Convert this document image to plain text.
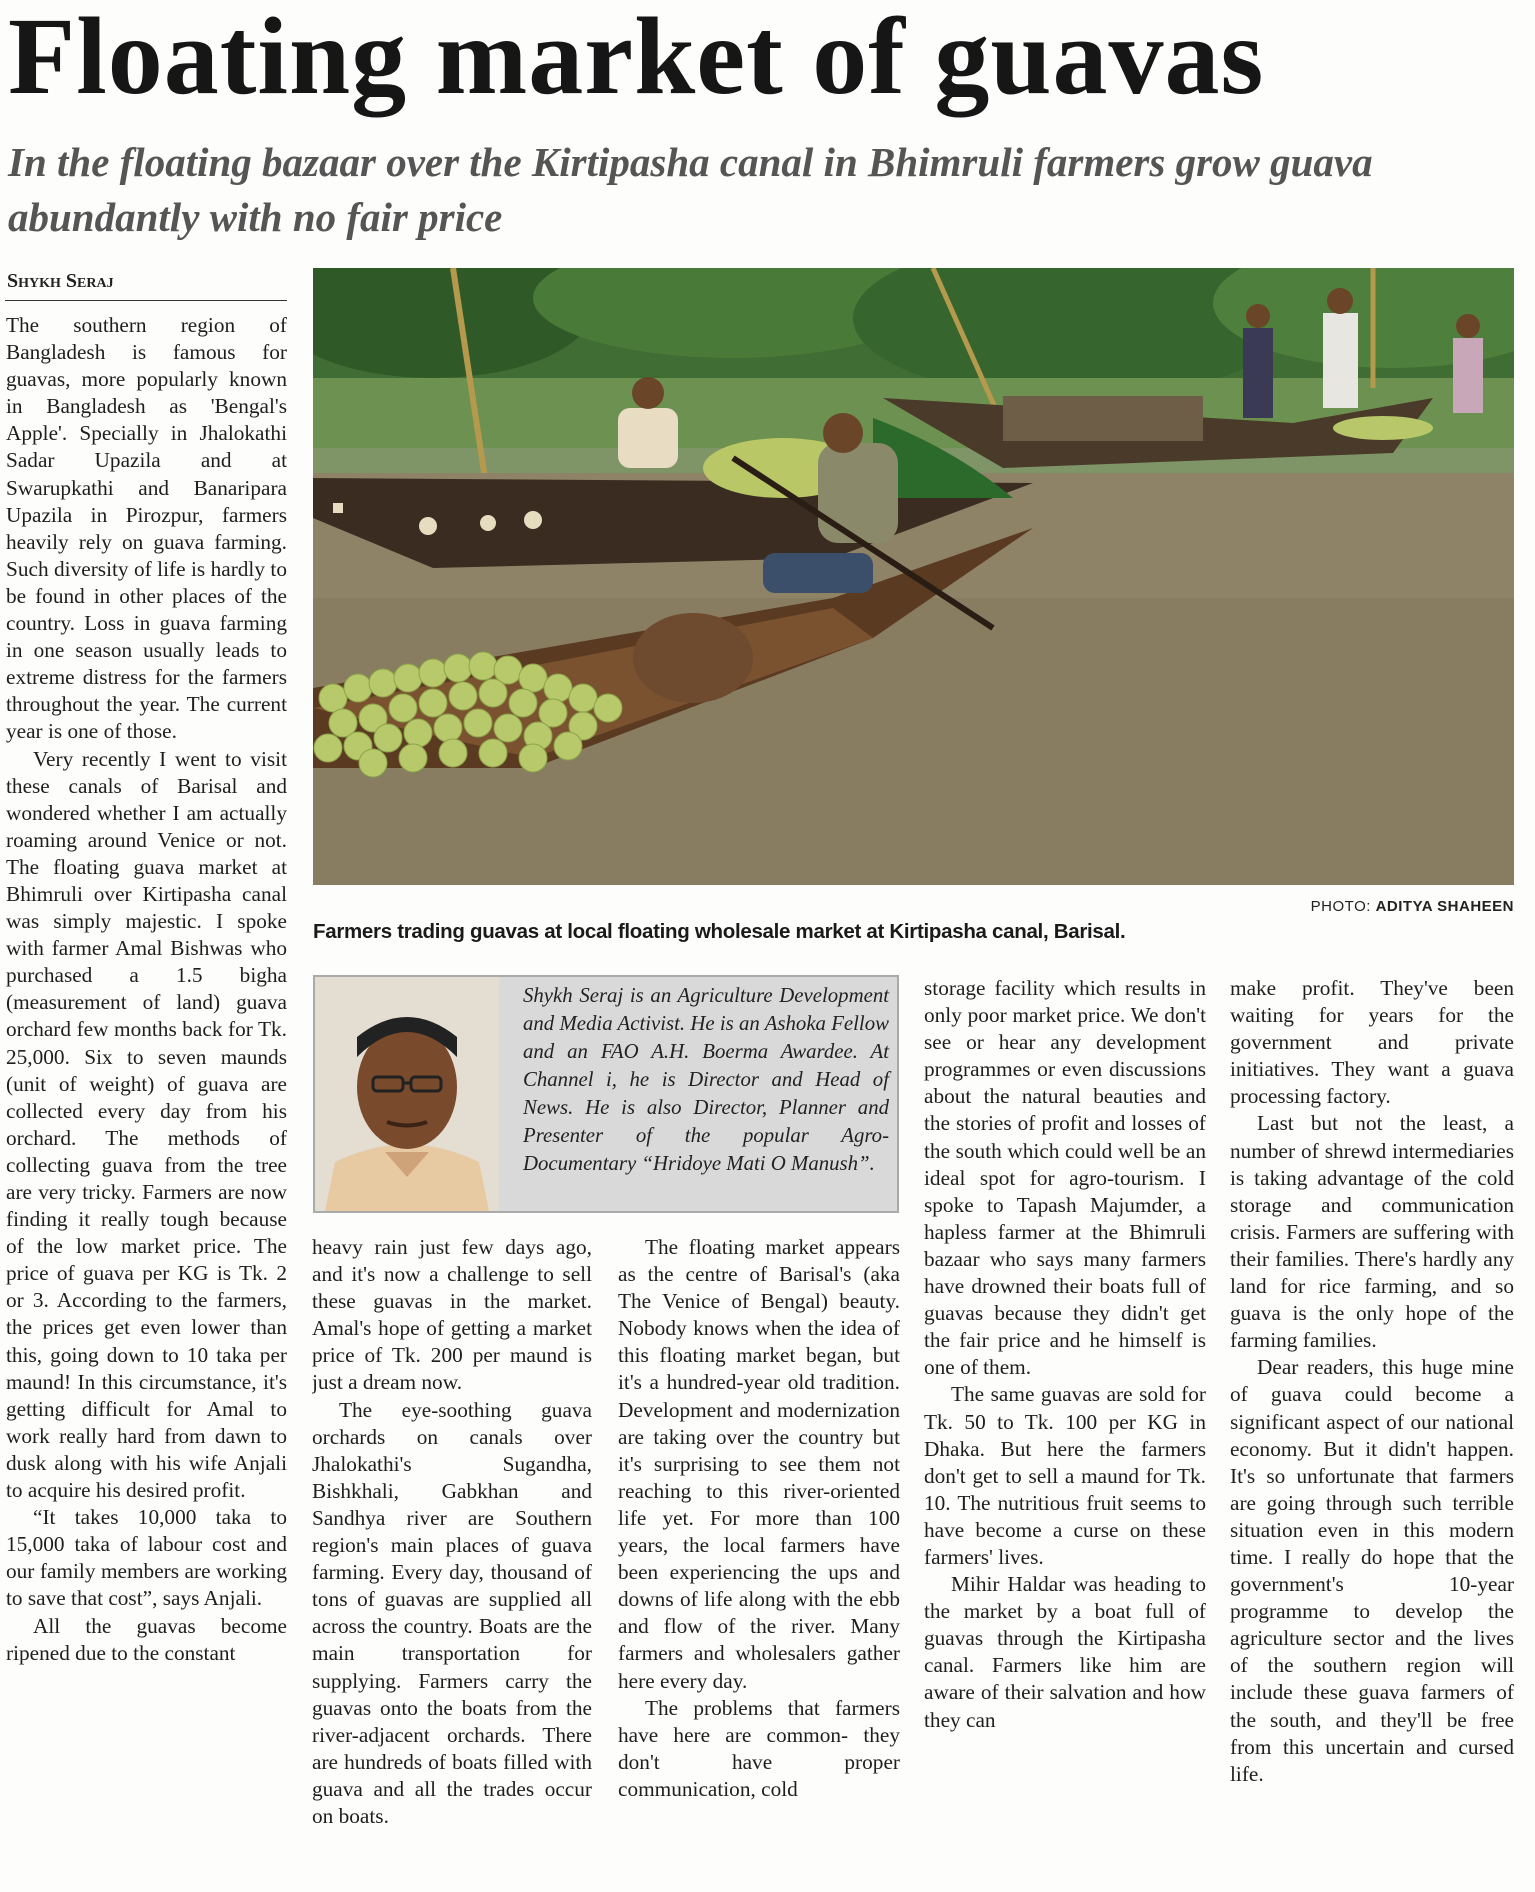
Floating market of guavas
In the floating bazaar over the Kirtipasha canal in Bhimruli farmers grow guava abundantly with no fair price
Shykh Seraj

The southern region of Bangladesh is famous for guavas, more popularly known in Bangladesh as 'Bengal's Apple'. Specially in Jhalokathi Sadar Upazila and at Swarupkathi and Banaripara Upazila in Pirozpur, farmers heavily rely on guava farming. Such diversity of life is hardly to be found in other places of the country. Loss in guava farming in one season usually leads to extreme distress for the farmers throughout the year. The current year is one of those.

Very recently I went to visit these canals of Barisal and wondered whether I am actually roaming around Venice or not. The floating guava market at Bhimruli over Kirtipasha canal was simply majestic. I spoke with farmer Amal Bishwas who purchased a 1.5 bigha (measurement of land) guava orchard few months back for Tk. 25,000. Six to seven maunds (unit of weight) of guava are collected every day from his orchard. The methods of collecting guava from the tree are very tricky. Farmers are now finding it really tough because of the low market price. The price of guava per KG is Tk. 2 or 3. According to the farmers, the prices get even lower than this, going down to 10 taka per maund! In this circumstance, it's getting difficult for Amal to work really hard from dawn to dusk along with his wife Anjali to acquire his desired profit.

“It takes 10,000 taka to 15,000 taka of labour cost and our family members are working to save that cost”, says Anjali.

All the guavas become ripened due to the constant

PHOTO: ADITYA SHAHEEN
Farmers trading guavas at local floating wholesale market at Kirtipasha canal, Barisal.
Shykh Seraj is an Agriculture Development and Media Activist. He is an Ashoka Fellow and an FAO A.H. Boerma Awardee. At Channel i, he is Director and Head of News. He is also Director, Planner and Presenter of the popular Agro-Documentary “Hridoye Mati O Manush”.

heavy rain just few days ago, and it's now a challenge to sell these guavas in the market. Amal's hope of getting a market price of Tk. 200 per maund is just a dream now.

The eye-soothing guava orchards on canals over Jhalokathi's Sugandha, Bishkhali, Gabkhan and Sandhya river are Southern region's main places of guava farming. Every day, thousand of tons of guavas are supplied all across the country. Boats are the main transportation for supplying. Farmers carry the guavas onto the boats from the river-adjacent orchards. There are hundreds of boats filled with guava and all the trades occur on boats.

The floating market appears as the centre of Barisal's (aka The Venice of Bengal) beauty. Nobody knows when the idea of this floating market began, but it's a hundred-year old tradition. Development and modernization are taking over the country but it's surprising to see them not reaching to this river-oriented life yet. For more than 100 years, the local farmers have been experiencing the ups and downs of life along with the ebb and flow of the river. Many farmers and wholesalers gather here every day.

The problems that farmers have here are common- they don't have proper communication, cold

storage facility which results in only poor market price. We don't see or hear any development programmes or even discussions about the natural beauties and the stories of profit and losses of the south which could well be an ideal spot for agro-tourism. I spoke to Tapash Majumder, a hapless farmer at the Bhimruli bazaar who says many farmers have drowned their boats full of guavas because they didn't get the fair price and he himself is one of them.

The same guavas are sold for Tk. 50 to Tk. 100 per KG in Dhaka. But here the farmers don't get to sell a maund for Tk. 10. The nutritious fruit seems to have become a curse on these farmers' lives.

Mihir Haldar was heading to the market by a boat full of guavas through the Kirtipasha canal. Farmers like him are aware of their salvation and how they can

make profit. They've been waiting for years for the government and private initiatives. They want a guava processing factory.

Last but not the least, a number of shrewd intermediaries is taking advantage of the cold storage and communication crisis. Farmers are suffering with their families. There's hardly any land for rice farming, and so guava is the only hope of the farming families.

Dear readers, this huge mine of guava could become a significant aspect of our national economy. But it didn't happen. It's so unfortunate that farmers are going through such terrible situation even in this modern time. I really do hope that the government's 10-year programme to develop the agriculture sector and the lives of the southern region will include these guava farmers of the south, and they'll be free from this uncertain and cursed life.
